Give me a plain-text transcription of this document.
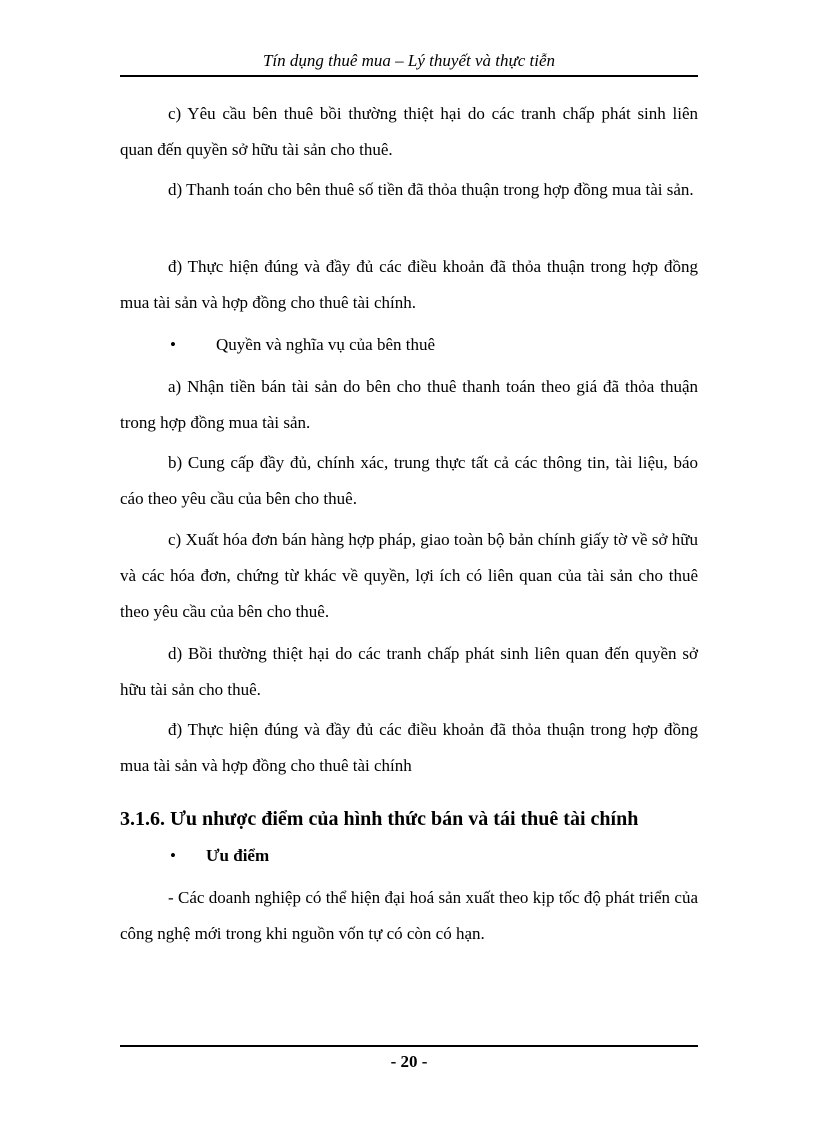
Tín dụng thuê mua – Lý thuyết và thực tiễn

c) Yêu cầu bên thuê bồi thường thiệt hại do các tranh chấp phát sinh liên quan đến quyền sở hữu tài sản cho thuê.

d) Thanh toán cho bên thuê số tiền đã thỏa thuận trong hợp đồng mua tài sản.

đ) Thực hiện đúng và đầy đủ các điều khoản đã thỏa thuận trong hợp đồng mua tài sản và hợp đồng cho thuê tài chính.

• Quyền và nghĩa vụ của bên thuê

a) Nhận tiền bán tài sản do bên cho thuê thanh toán theo giá đã thỏa thuận trong hợp đồng mua tài sản.

b) Cung cấp đầy đủ, chính xác, trung thực tất cả các thông tin, tài liệu, báo cáo theo yêu cầu của bên cho thuê.

c) Xuất hóa đơn bán hàng hợp pháp, giao toàn bộ bản chính giấy tờ về sở hữu và các hóa đơn, chứng từ khác về quyền, lợi ích có liên quan của tài sản cho thuê theo yêu cầu của bên cho thuê.

d) Bồi thường thiệt hại do các tranh chấp phát sinh liên quan đến quyền sở hữu tài sản cho thuê.

đ) Thực hiện đúng và đầy đủ các điều khoản đã thỏa thuận trong hợp đồng mua tài sản và hợp đồng cho thuê tài chính

3.1.6. Ưu nhược điểm của hình thức bán và tái thuê tài chính
• Ưu điểm

- Các doanh nghiệp có thể hiện đại hoá sản xuất theo kịp tốc độ phát triển của công nghệ mới trong khi nguồn vốn tự có còn có hạn.

- 20 -
